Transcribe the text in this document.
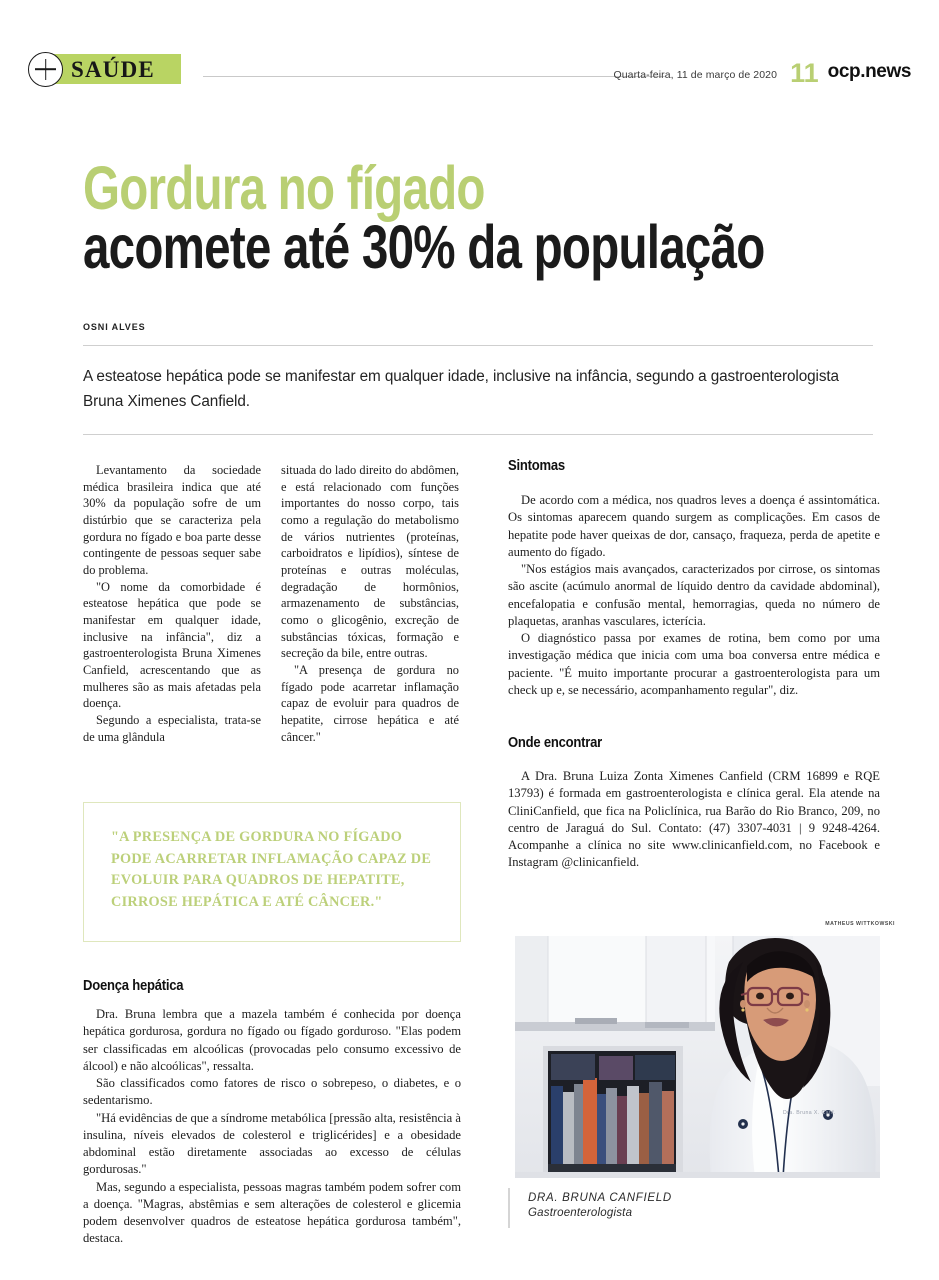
SAÚDE	Quarta-feira, 11 de março de 2020 11 ocp.news
Gordura no fígado
acomete até 30% da população
OSNI ALVES
A esteatose hepática pode se manifestar em qualquer idade, inclusive na infância, segundo a gastroenterologista Bruna Ximenes Canfield.

Levantamento da sociedade médica brasileira indica que até 30% da população sofre de um distúrbio que se caracteriza pela gordura no fígado e boa parte desse contingente de pessoas sequer sabe do problema.

"O nome da comorbidade é esteatose hepática que pode se manifestar em qualquer idade, inclusive na infância", diz a gastroenterologista Bruna Ximenes Canfield, acrescentando que as mulheres são as mais afetadas pela doença.

Segundo a especialista, trata-se de uma glândula

situada do lado direito do abdômen, e está relacionado com funções importantes do nosso corpo, tais como a regulação do metabolismo de vários nutrientes (proteínas, carboidratos e lipídios), síntese de proteínas e outras moléculas, degradação de hormônios, armazenamento de substâncias, como o glicogênio, excreção de substâncias tóxicas, formação e secreção da bile, entre outras.

"A presença de gordura no fígado pode acarretar inflamação capaz de evoluir para quadros de hepatite, cirrose hepática e até câncer."

Sintomas

De acordo com a médica, nos quadros leves a doença é assintomática. Os sintomas aparecem quando surgem as complicações. Em casos de hepatite pode haver queixas de dor, cansaço, fraqueza, perda de apetite e aumento do fígado.

"Nos estágios mais avançados, caracterizados por cirrose, os sintomas são ascite (acúmulo anormal de líquido dentro da cavidade abdominal), encefalopatia e confusão mental, hemorragias, queda no número de plaquetas, aranhas vasculares, icterícia.

O diagnóstico passa por exames de rotina, bem como por uma investigação médica que inicia com uma boa conversa entre médica e paciente. "É muito importante procurar a gastroenterologista para um check up e, se necessário, acompanhamento regular", diz.

Onde encontrar

A Dra. Bruna Luiza Zonta Ximenes Canfield (CRM 16899 e RQE 13793) é formada em gastroenterologista e clínica geral. Ela atende na CliniCanfield, que fica na Policlínica, rua Barão do Rio Branco, 209, no centro de Jaraguá do Sul. Contato: (47) 3307-4031 | 9 9248-4264. Acompanhe a clínica no site www.clinicanfield.com, no Facebook e Instagram @clinicanfield.

"A PRESENÇA DE GORDURA NO FÍGADO PODE ACARRETAR INFLAMAÇÃO CAPAZ DE EVOLUIR PARA QUADROS DE HEPATITE, CIRROSE HEPÁTICA E ATÉ CÂNCER."

Doença hepática

Dra. Bruna lembra que a mazela também é conhecida por doença hepática gordurosa, gordura no fígado ou fígado gorduroso. "Elas podem ser classificadas em alcoólicas (provocadas pelo consumo excessivo de álcool) e não alcoólicas", ressalta.

São classificados como fatores de risco o sobrepeso, o diabetes, e o sedentarismo.

"Há evidências de que a síndrome metabólica [pressão alta, resistência à insulina, níveis elevados de colesterol e triglicérides] e a obesidade abdominal estão diretamente associadas ao excesso de células gordurosas."

Mas, segundo a especialista, pessoas magras também podem sofrer com a doença. "Magras, abstêmias e sem alterações de colesterol e glicemia podem desenvolver quadros de esteatose hepática gordurosa também", destaca.

MATHEUS WITTKOWSKI
Dra. Bruna X. Canf.
DRA. BRUNA CANFIELD
Gastroenterologista
